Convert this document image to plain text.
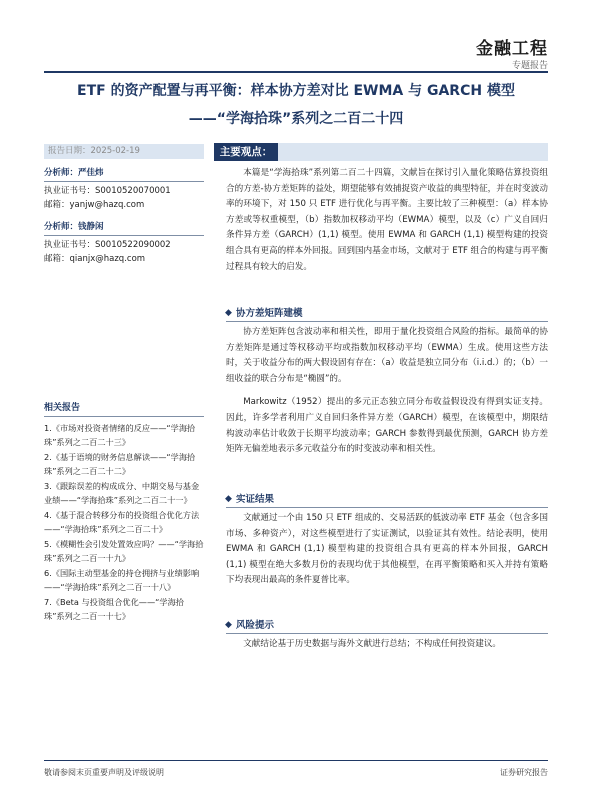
金融工程
专题报告
ETF 的资产配置与再平衡：样本协方差对比 EWMA 与 GARCH 模型
——“学海拾珠”系列之二百二十四
报告日期：2025-02-19	主要观点：
分析师：严佳炜
执业证书号：S0010520070001
邮箱：yanjw@hazq.com
分析师：钱静闲
执业证书号：S0010522090002
邮箱：qianjx@hazq.com
相关报告
1.《市场对投资者情绪的反应——“学海拾珠”系列之二百二十三》
2.《基于语境的财务信息解读——“学海拾珠”系列之二百二十二》
3.《跟踪误差的构成成分、中期交易与基金业绩——“学海拾珠”系列之二百二十一》
4.《基于混合转移分布的投资组合优化方法——“学海拾珠”系列之二百二十》
5.《模糊性会引发处置效应吗？——“学海拾珠”系列之二百一十九》
6.《国际主动型基金的持仓拥挤与业绩影响——“学海拾珠”系列之二百一十八》
7.《Beta 与投资组合优化——“学海拾珠”系列之二百一十七》

本篇是“学海拾珠”系列第二百二十四篇，文献旨在探讨引入量化策略估算投资组合的方差-协方差矩阵的益处，期望能够有效捕捉资产收益的典型特征，并在时变波动率的环境下，对 150 只 ETF 进行优化与再平衡。主要比较了三种模型：（a）样本协方差或等权重模型，（b）指数加权移动平均（EWMA）模型，以及（c）广义自回归条件异方差（GARCH）(1,1) 模型。使用 EWMA 和 GARCH (1,1) 模型构建的投资组合具有更高的样本外回报。回到国内基金市场，文献对于 ETF 组合的构建与再平衡过程具有较大的启发。

◆ 协方差矩阵建模

协方差矩阵包含波动率和相关性，即用于量化投资组合风险的指标。最简单的协方差矩阵是通过等权移动平均或指数加权移动平均（EWMA）生成。使用这些方法时，关于收益分布的两大假设固有存在：（a）收益是独立同分布（i.i.d.）的；（b）一组收益的联合分布是“椭圆”的。

Markowitz（1952）提出的多元正态独立同分布收益假设没有得到实证支持。因此，许多学者利用广义自回归条件异方差（GARCH）模型，在该模型中，期限结构波动率估计收敛于长期平均波动率；GARCH 参数得到最优预测，GARCH 协方差矩阵无偏差地表示多元收益分布的时变波动率和相关性。

◆ 实证结果

文献通过一个由 150 只 ETF 组成的、交易活跃的低波动率 ETF 基金（包含多国市场、多种资产），对这些模型进行了实证测试，以验证其有效性。结论表明，使用 EWMA 和 GARCH (1,1) 模型构建的投资组合具有更高的样本外回报，GARCH (1,1) 模型在绝大多数月份的表现均优于其他模型，在再平衡策略和买入并持有策略下均表现出最高的条件夏普比率。

◆ 风险提示

文献结论基于历史数据与海外文献进行总结；不构成任何投资建议。

敬请参阅末页重要声明及评级说明	证券研究报告
